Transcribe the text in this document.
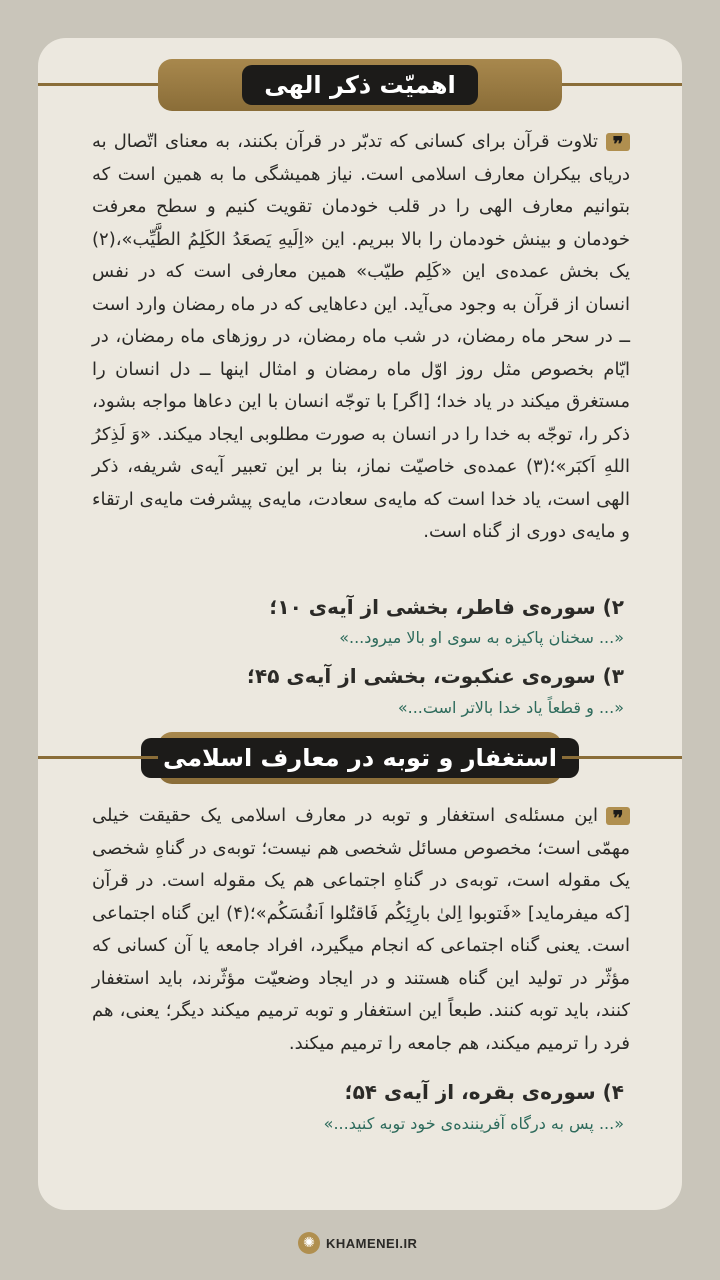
اهمیّت ذکر الهی
❞تلاوت قرآن برای کسانی که تدبّر در قرآن بکنند، به معنای اتّصال به دریای بیکران معارف اسلامی است. نیاز همیشگی ما به همین است که بتوانیم معارف الهی را در قلب خودمان تقویت کنیم و سطح معرفت خودمان و بینش خودمان را بالا ببریم. این «اِلَیهِ یَصعَدُ الکَلِمُ الطَّیِّب»،(۲) یک بخش عمده‌ی این «کَلِم طیّب» همین معارفی است که در نفس انسان از قرآن به وجود می‌آید. این دعاهایی که در ماه رمضان وارد است ــ در سحر ماه رمضان، در شب ماه رمضان، در روزهای ماه رمضان، در ایّام بخصوص مثل روز اوّل ماه رمضان و امثال اینها ــ دل انسان را مستغرق میکند در یاد خدا؛ [اگر] با توجّه انسان با این دعاها مواجه بشود، ذکر را، توجّه به خدا را در انسان به صورت مطلوبی ایجاد میکند. «وَ لَذِکرُ اللهِ اَکبَر»؛(۳) عمده‌ی خاصیّت نماز، بنا بر این تعبیر آیه‌ی شریفه، ذکر الهی است، یاد خدا است که مایه‌ی سعادت، مایه‌ی پیشرفت مایه‌ی ارتقاء و مایه‌ی دوری از گناه است.
۲) سوره‌ی فاطر، بخشی از آیه‌ی ۱۰؛
«... سخنان پاکیزه به سوی او بالا میرود...»
۳) سوره‌ی عنکبوت، بخشی از آیه‌ی ۴۵؛
«... و قطعاً یاد خدا بالاتر است...»
استغفار و توبه در معارف اسلامی
❞این مسئله‌ی استغفار و توبه در معارف اسلامی یک حقیقت خیلی مهمّی است؛ مخصوص مسائل شخصی هم نیست؛ توبه‌ی در گناهِ شخصی یک مقوله است، توبه‌ی در گناهِ اجتماعی هم یک مقوله است. در قرآن [که میفرماید] «فَتوبوا اِلیٰ بارِئِکُم فَاقتُلوا اَنفُسَکُم»؛(۴) این گناه اجتماعی است. یعنی گناه اجتماعی که انجام میگیرد، افراد جامعه یا آن کسانی که مؤثّر در تولید این گناه هستند و در ایجاد وضعیّت مؤثّرند، باید استغفار کنند، باید توبه کنند. طبعاً این استغفار و توبه ترمیم میکند دیگر؛ یعنی، هم فرد را ترمیم میکند، هم جامعه را ترمیم میکند.
۴) سوره‌ی بقره، از آیه‌ی ۵۴؛
«... پس به درگاه آفریننده‌ی خود توبه کنید...»
✺ KHAMENEI.IR
